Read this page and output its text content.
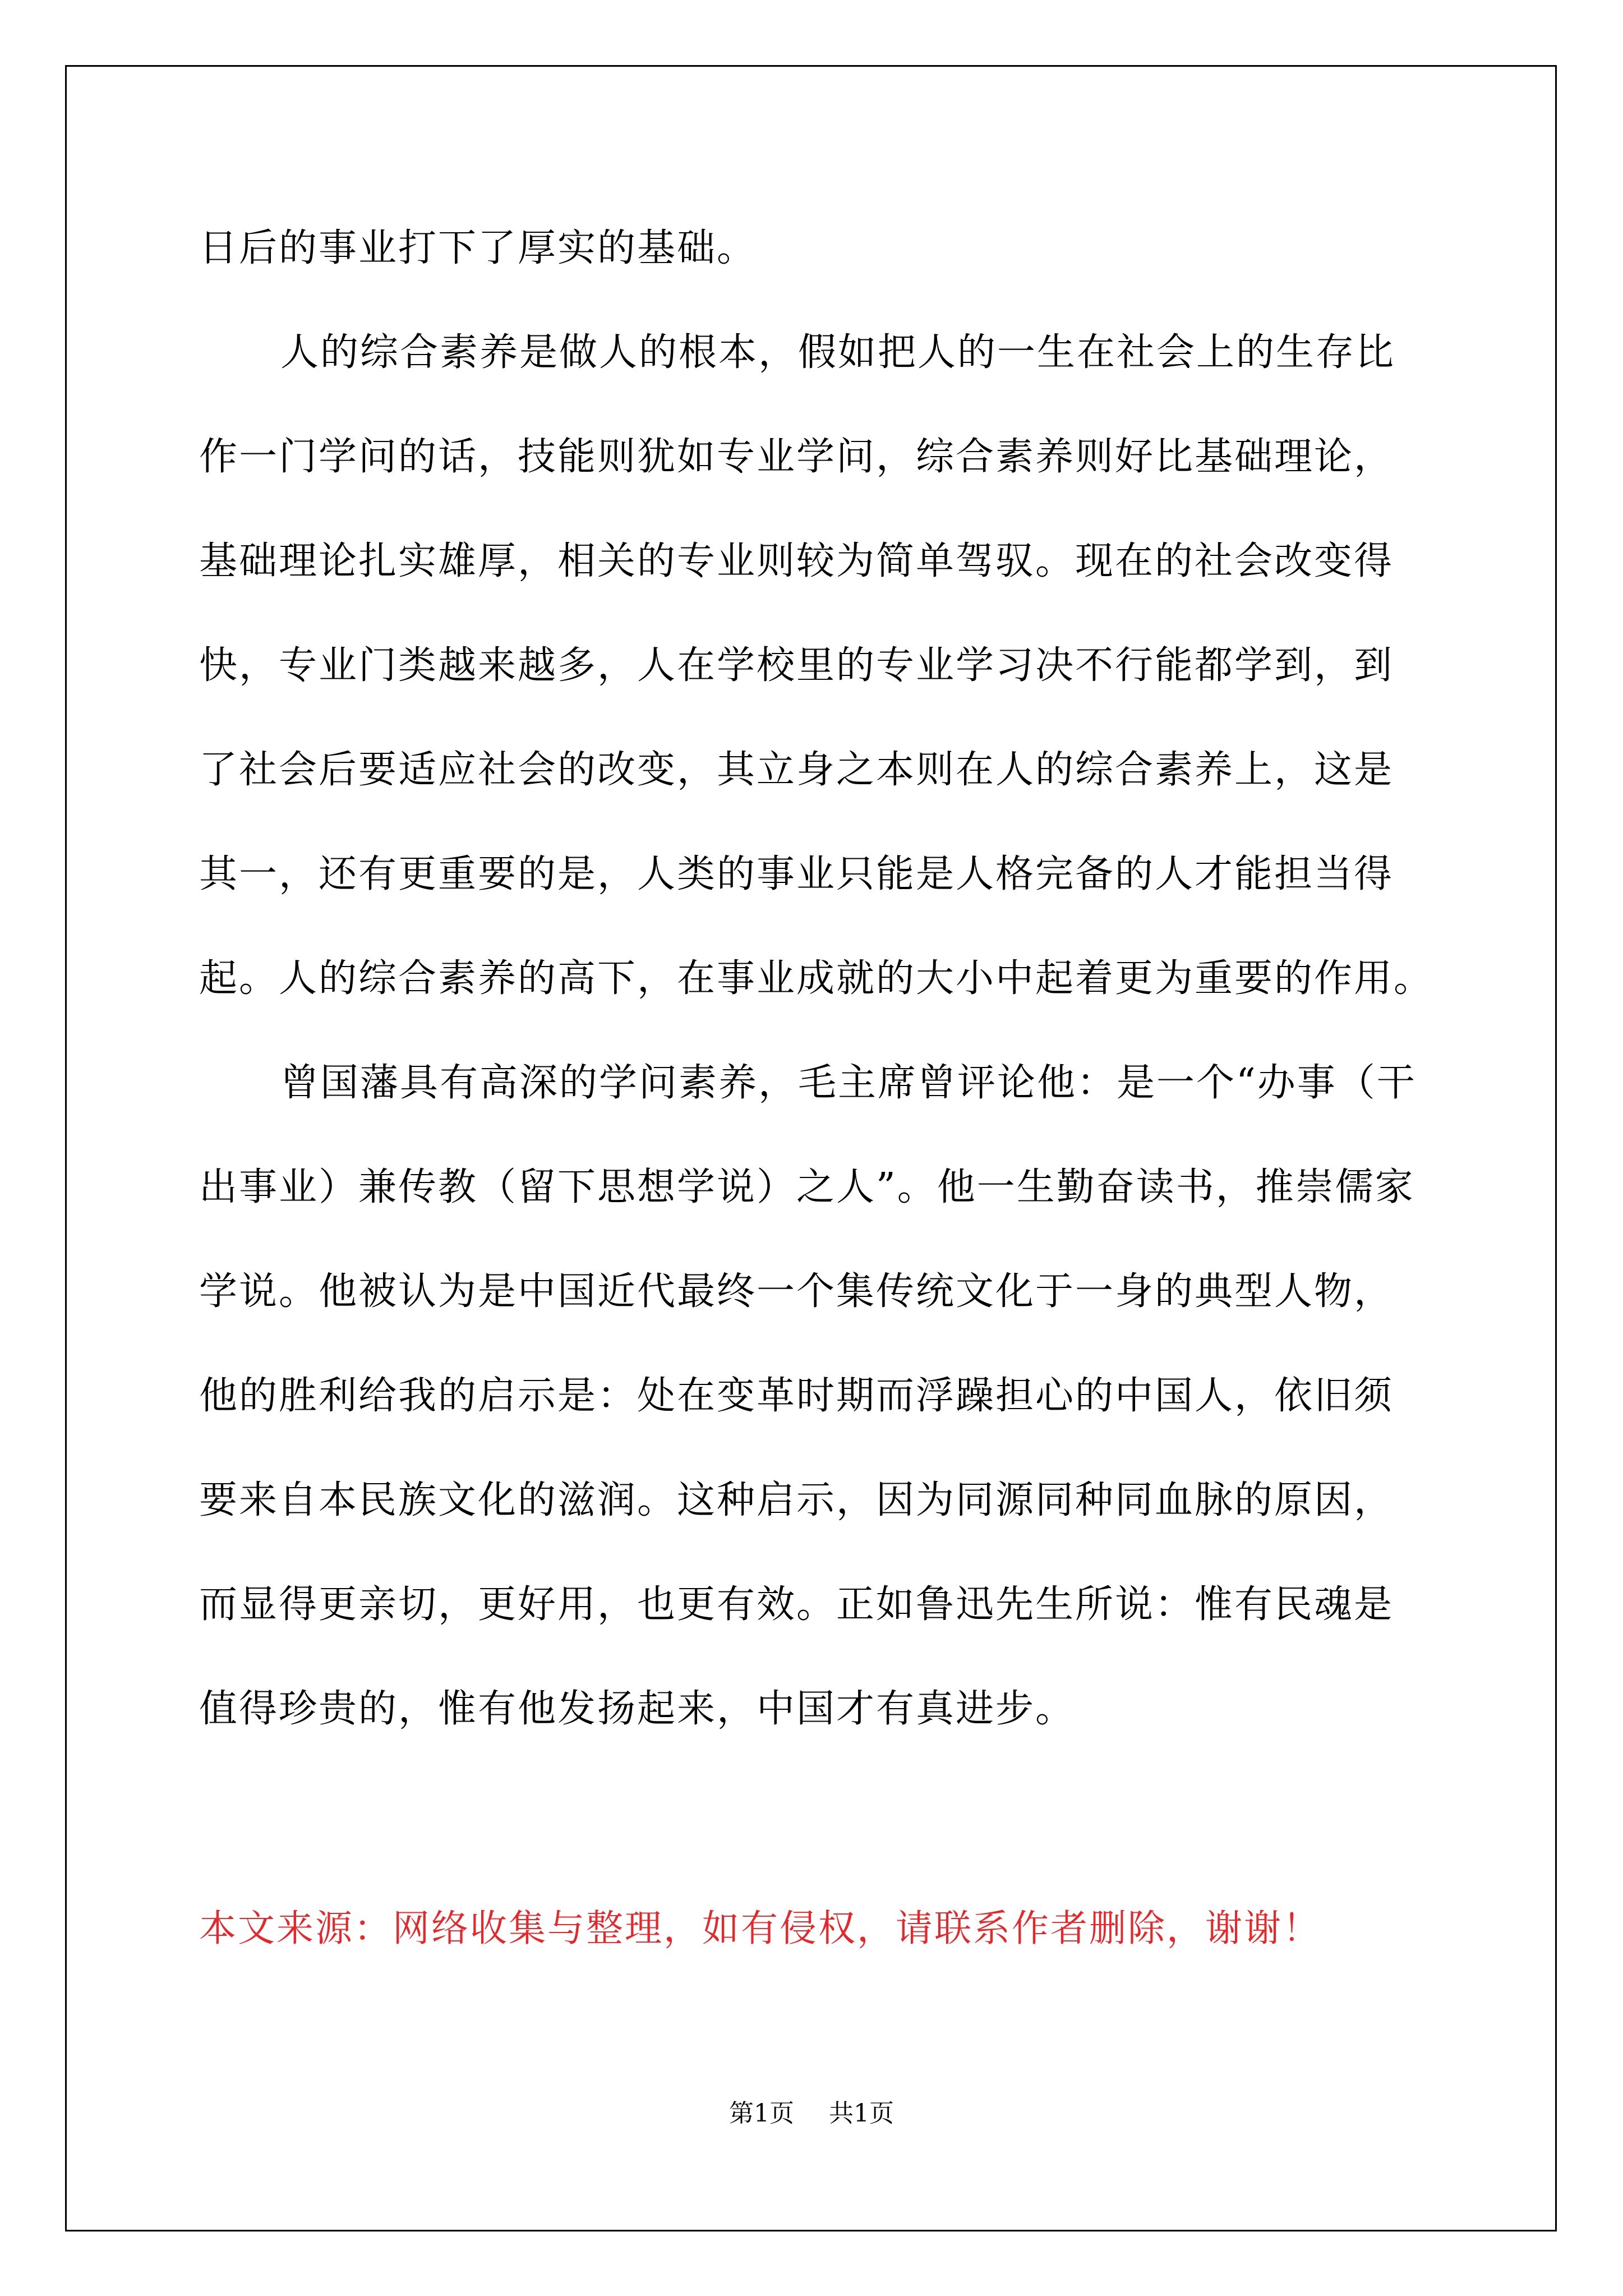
日后的事业打下了厚实的基础。
人的综合素养是做人的根本，假如把人的一生在社会上的生存比
作一门学问的话，技能则犹如专业学问，综合素养则好比基础理论，
基础理论扎实雄厚，相关的专业则较为简单驾驭。现在的社会改变得
快，专业门类越来越多，人在学校里的专业学习决不行能都学到，到
了社会后要适应社会的改变，其立身之本则在人的综合素养上，这是
其一，还有更重要的是，人类的事业只能是人格完备的人才能担当得
起。人的综合素养的高下，在事业成就的大小中起着更为重要的作用。
曾国藩具有高深的学问素养，毛主席曾评论他：是一个“办事（干
出事业）兼传教（留下思想学说）之人”。他一生勤奋读书，推崇儒家
学说。他被认为是中国近代最终一个集传统文化于一身的典型人物，
他的胜利给我的启示是：处在变革时期而浮躁担心的中国人，依旧须
要来自本民族文化的滋润。这种启示，因为同源同种同血脉的原因，
而显得更亲切，更好用，也更有效。正如鲁迅先生所说：惟有民魂是
值得珍贵的，惟有他发扬起来，中国才有真进步。
本文来源：网络收集与整理，如有侵权，请联系作者删除，谢谢！
第1页 共1页
